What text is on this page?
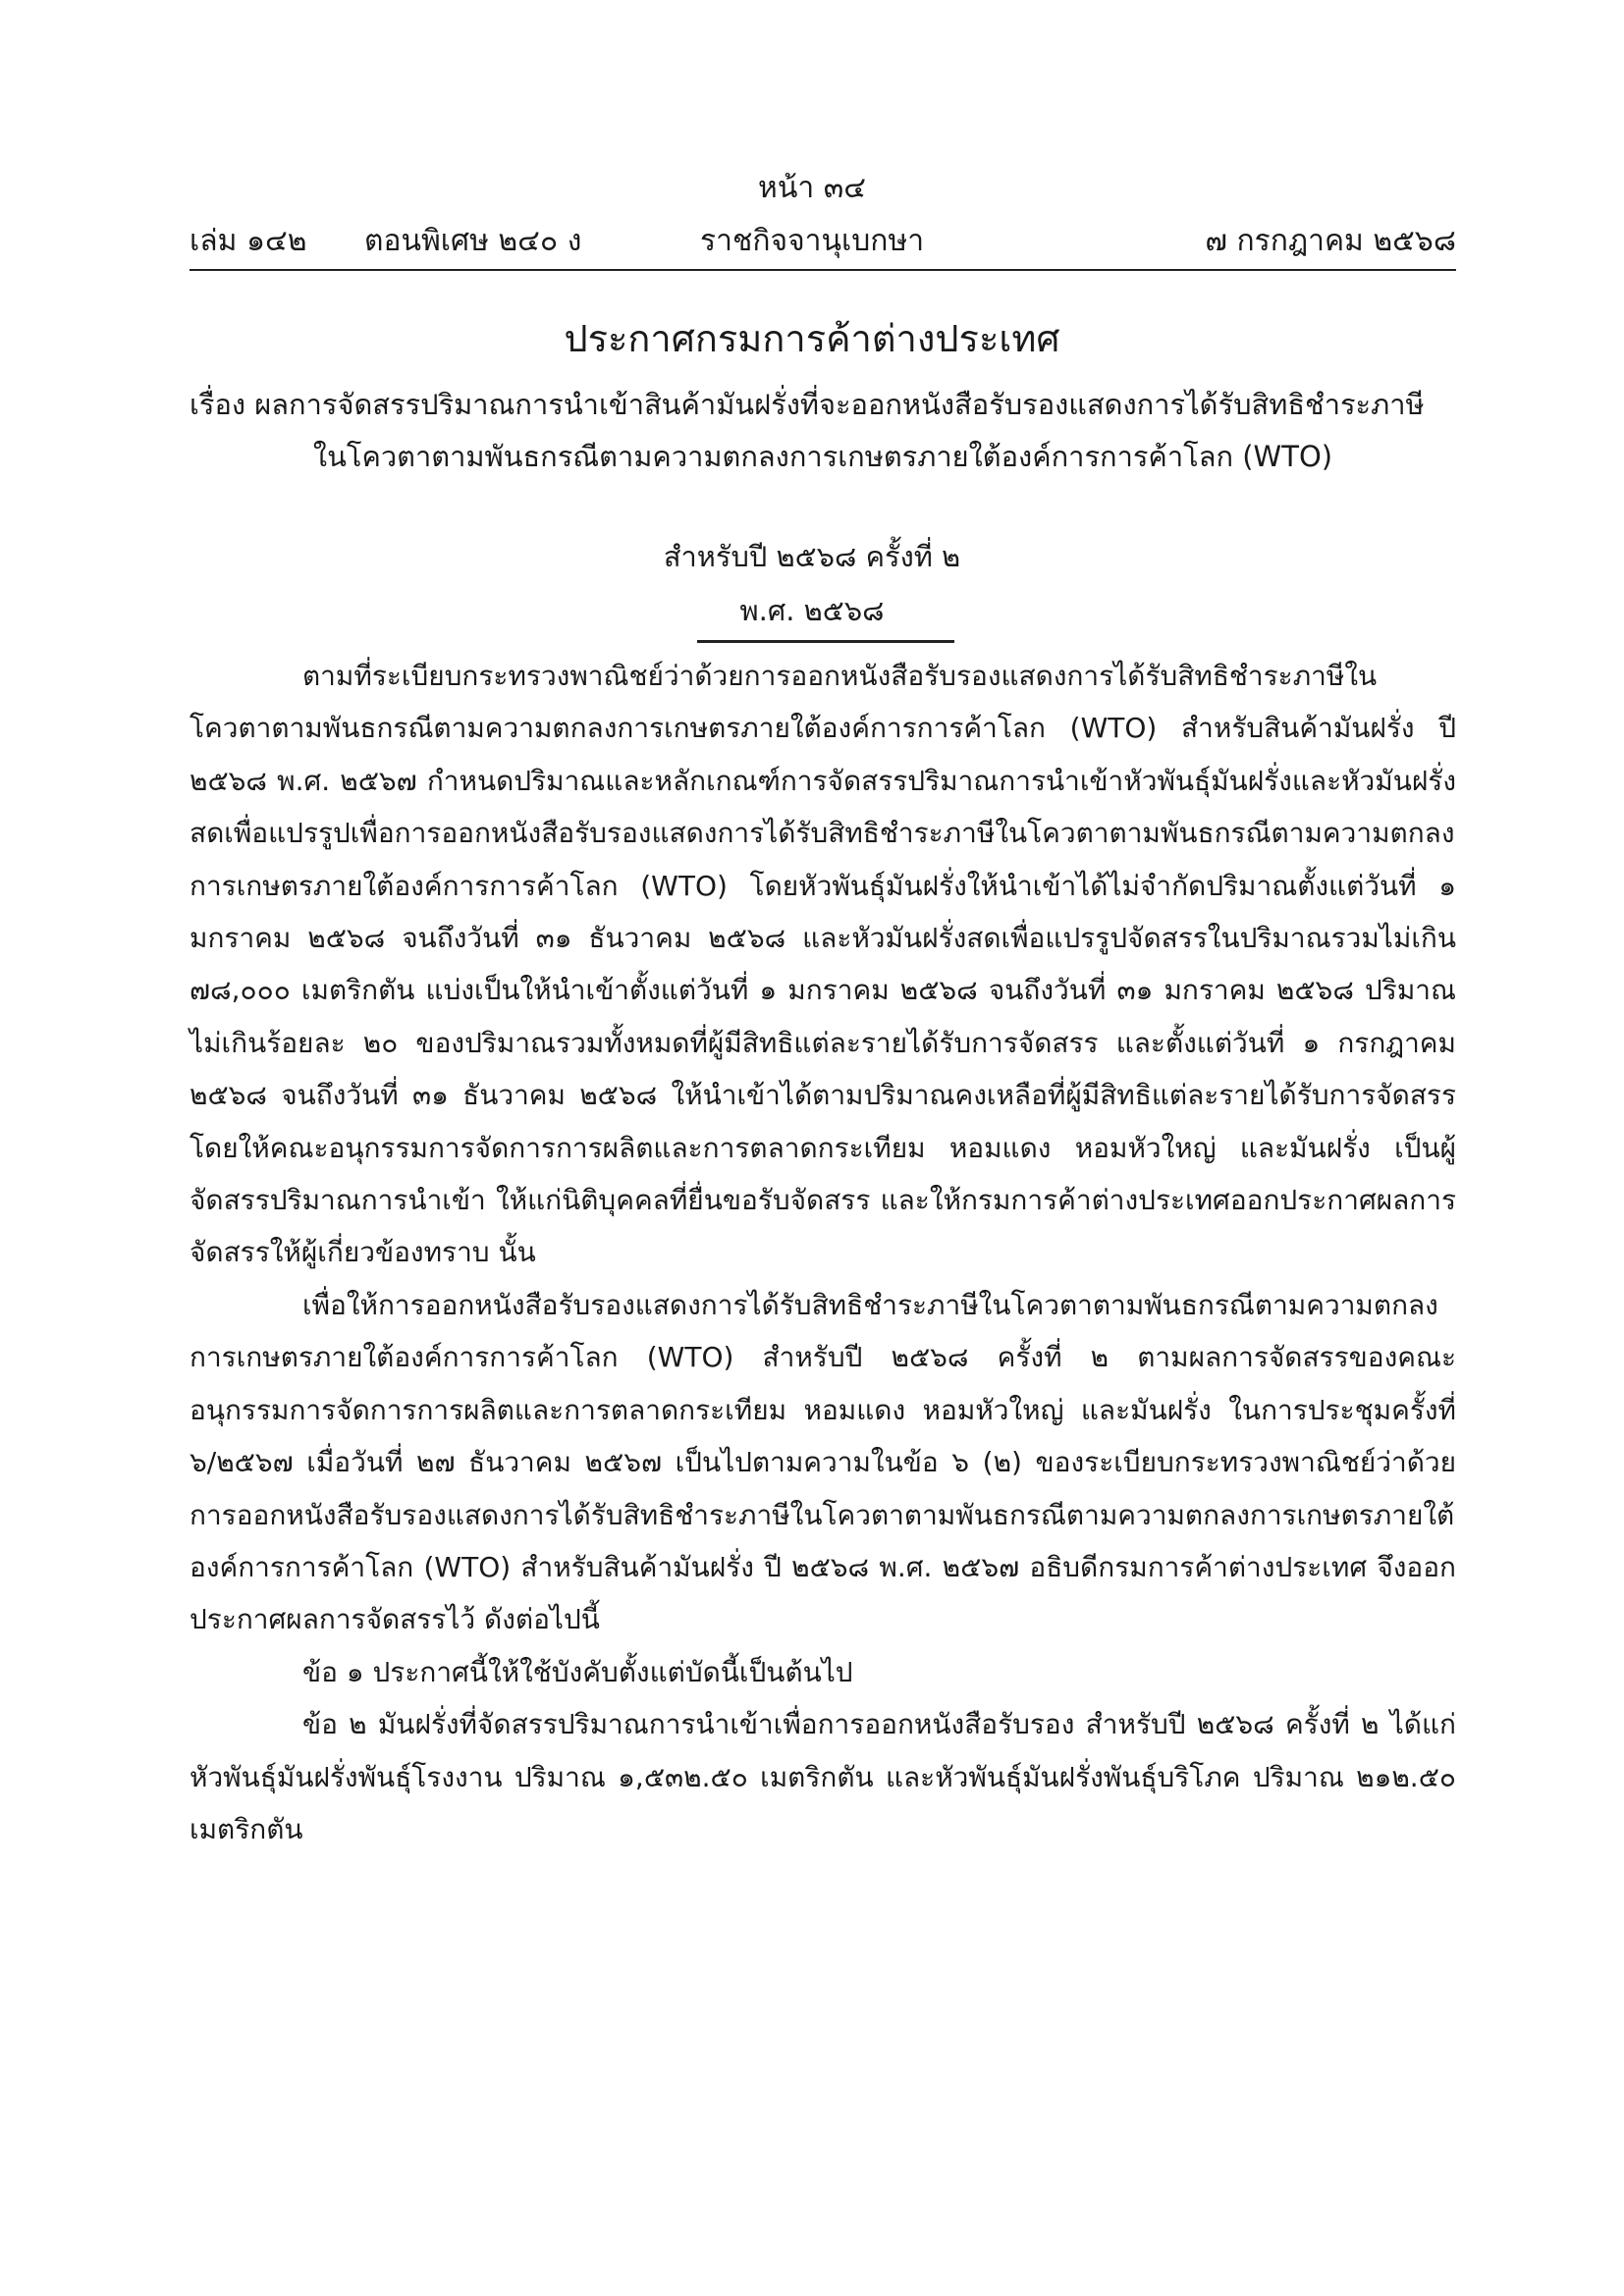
หน้า ๓๔
เล่ม ๑๔๒ ตอนพิเศษ ๒๔๐ ง	ราชกิจจานุเบกษา	๗ กรกฎาคม ๒๕๖๘
ประกาศกรมการค้าต่างประเทศ
เรื่อง ผลการจัดสรรปริมาณการนำเข้าสินค้ามันฝรั่งที่จะออกหนังสือรับรองแสดงการได้รับสิทธิชำระภาษี
ในโควตาตามพันธกรณีตามความตกลงการเกษตรภายใต้องค์การการค้าโลก (WTO)
สำหรับปี ๒๕๖๘ ครั้งที่ ๒
พ.ศ. ๒๕๖๘

ตามที่ระเบียบกระทรวงพาณิชย์ว่าด้วยการออกหนังสือรับรองแสดงการได้รับสิทธิชำระภาษีในโควตาตามพันธกรณีตามความตกลงการเกษตรภายใต้องค์การการค้าโลก (WTO) สำหรับสินค้ามันฝรั่ง ปี ๒๕๖๘ พ.ศ. ๒๕๖๗ กำหนดปริมาณและหลักเกณฑ์การจัดสรรปริมาณการนำเข้าหัวพันธุ์มันฝรั่งและหัวมันฝรั่งสดเพื่อแปรรูปเพื่อการออกหนังสือรับรองแสดงการได้รับสิทธิชำระภาษีในโควตาตามพันธกรณีตามความตกลงการเกษตรภายใต้องค์การการค้าโลก (WTO) โดยหัวพันธุ์มันฝรั่งให้นำเข้าได้ไม่จำกัดปริมาณตั้งแต่วันที่ ๑ มกราคม ๒๕๖๘ จนถึงวันที่ ๓๑ ธันวาคม ๒๕๖๘ และหัวมันฝรั่งสดเพื่อแปรรูปจัดสรรในปริมาณรวมไม่เกิน ๗๘,๐๐๐ เมตริกตัน แบ่งเป็นให้นำเข้าตั้งแต่วันที่ ๑ มกราคม ๒๕๖๘ จนถึงวันที่ ๓๑ มกราคม ๒๕๖๘ ปริมาณไม่เกินร้อยละ ๒๐ ของปริมาณรวมทั้งหมดที่ผู้มีสิทธิแต่ละรายได้รับการจัดสรร และตั้งแต่วันที่ ๑ กรกฎาคม ๒๕๖๘ จนถึงวันที่ ๓๑ ธันวาคม ๒๕๖๘ ให้นำเข้าได้ตามปริมาณคงเหลือที่ผู้มีสิทธิแต่ละรายได้รับการจัดสรร โดยให้คณะอนุกรรมการจัดการการผลิตและการตลาดกระเทียม หอมแดง หอมหัวใหญ่ และมันฝรั่ง เป็นผู้จัดสรรปริมาณการนำเข้า ให้แก่นิติบุคคลที่ยื่นขอรับจัดสรร และให้กรมการค้าต่างประเทศออกประกาศผลการจัดสรรให้ผู้เกี่ยวข้องทราบ นั้น

เพื่อให้การออกหนังสือรับรองแสดงการได้รับสิทธิชำระภาษีในโควตาตามพันธกรณีตามความตกลงการเกษตรภายใต้องค์การการค้าโลก (WTO) สำหรับปี ๒๕๖๘ ครั้งที่ ๒ ตามผลการจัดสรรของคณะอนุกรรมการจัดการการผลิตและการตลาดกระเทียม หอมแดง หอมหัวใหญ่ และมันฝรั่ง ในการประชุมครั้งที่ ๖/๒๕๖๗ เมื่อวันที่ ๒๗ ธันวาคม ๒๕๖๗ เป็นไปตามความในข้อ ๖ (๒) ของระเบียบกระทรวงพาณิชย์ว่าด้วยการออกหนังสือรับรองแสดงการได้รับสิทธิชำระภาษีในโควตาตามพันธกรณีตามความตกลงการเกษตรภายใต้องค์การการค้าโลก (WTO) สำหรับสินค้ามันฝรั่ง ปี ๒๕๖๘ พ.ศ. ๒๕๖๗ อธิบดีกรมการค้าต่างประเทศ จึงออกประกาศผลการจัดสรรไว้ ดังต่อไปนี้

ข้อ ๑ ประกาศนี้ให้ใช้บังคับตั้งแต่บัดนี้เป็นต้นไป

ข้อ ๒ มันฝรั่งที่จัดสรรปริมาณการนำเข้าเพื่อการออกหนังสือรับรอง สำหรับปี ๒๕๖๘ ครั้งที่ ๒ ได้แก่ หัวพันธุ์มันฝรั่งพันธุ์โรงงาน ปริมาณ ๑,๕๓๒.๕๐ เมตริกตัน และหัวพันธุ์มันฝรั่งพันธุ์บริโภค ปริมาณ ๒๑๒.๕๐ เมตริกตัน
